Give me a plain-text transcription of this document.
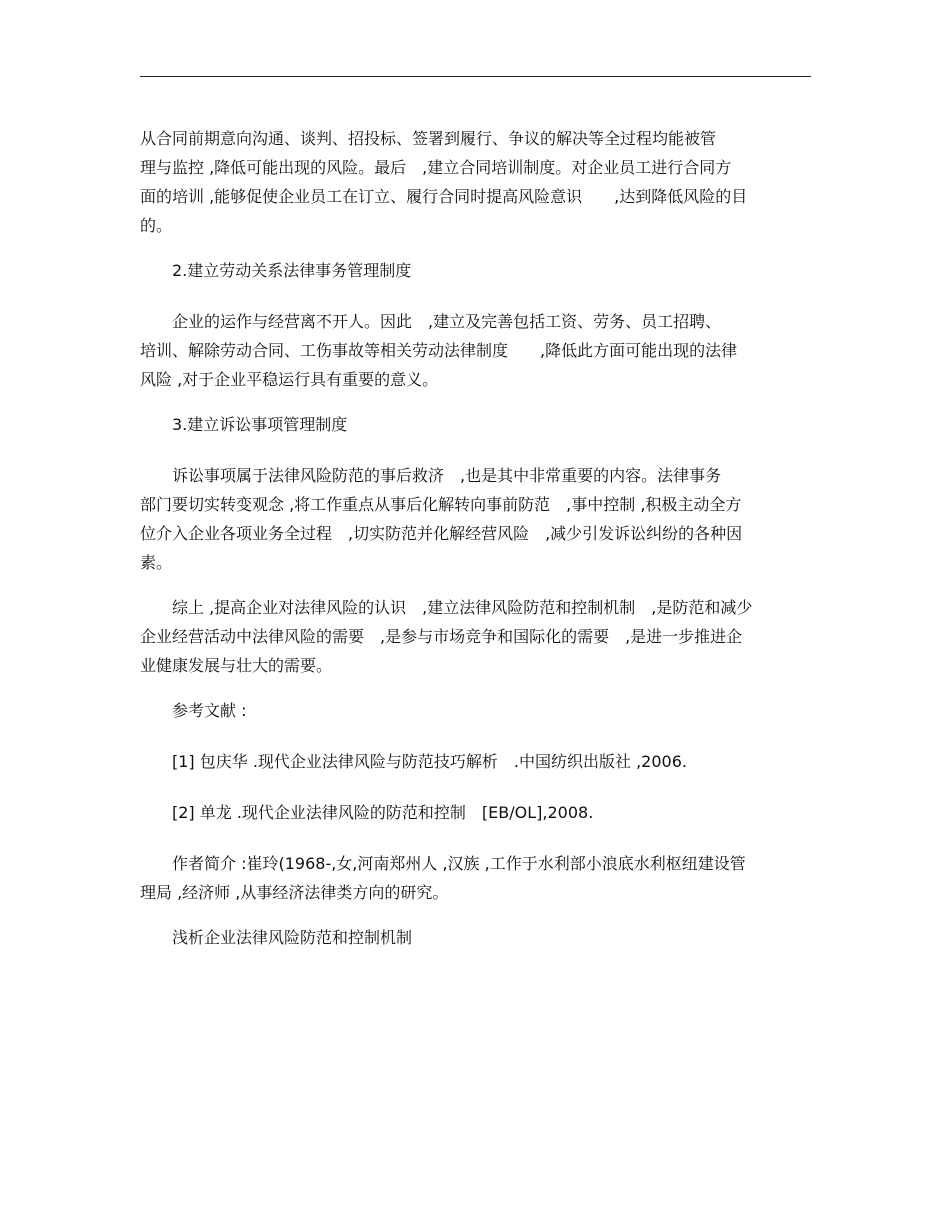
从合同前期意向沟通、谈判、招投标、签署到履行、争议的解决等全过程均能被管
理与监控 ,降低可能出现的风险。最后　,建立合同培训制度。对企业员工进行合同方
面的培训 ,能够促使企业员工在订立、履行合同时提高风险意识　　,达到降低风险的目
的。

　　2.建立劳动关系法律事务管理制度

　　企业的运作与经营离不开人。因此　,建立及完善包括工资、劳务、员工招聘、
培训、解除劳动合同、工伤事故等相关劳动法律制度　　,降低此方面可能出现的法律
风险 ,对于企业平稳运行具有重要的意义。

　　3.建立诉讼事项管理制度

　　诉讼事项属于法律风险防范的事后救济　,也是其中非常重要的内容。法律事务
部门要切实转变观念 ,将工作重点从事后化解转向事前防范　,事中控制 ,积极主动全方
位介入企业各项业务全过程　,切实防范并化解经营风险　,减少引发诉讼纠纷的各种因
素。

　　综上 ,提高企业对法律风险的认识　,建立法律风险防范和控制机制　,是防范和减少
企业经营活动中法律风险的需要　,是参与市场竞争和国际化的需要　,是进一步推进企
业健康发展与壮大的需要。

　　参考文献 :

　　[1] 包庆华 .现代企业法律风险与防范技巧解析　.中国纺织出版社 ,2006.

　　[2] 单龙 .现代企业法律风险的防范和控制　[EB/OL],2008.

　　作者简介 :崔玲(1968-,女,河南郑州人 ,汉族 ,工作于水利部小浪底水利枢纽建设管
理局 ,经济师 ,从事经济法律类方向的研究。

　　浅析企业法律风险防范和控制机制
